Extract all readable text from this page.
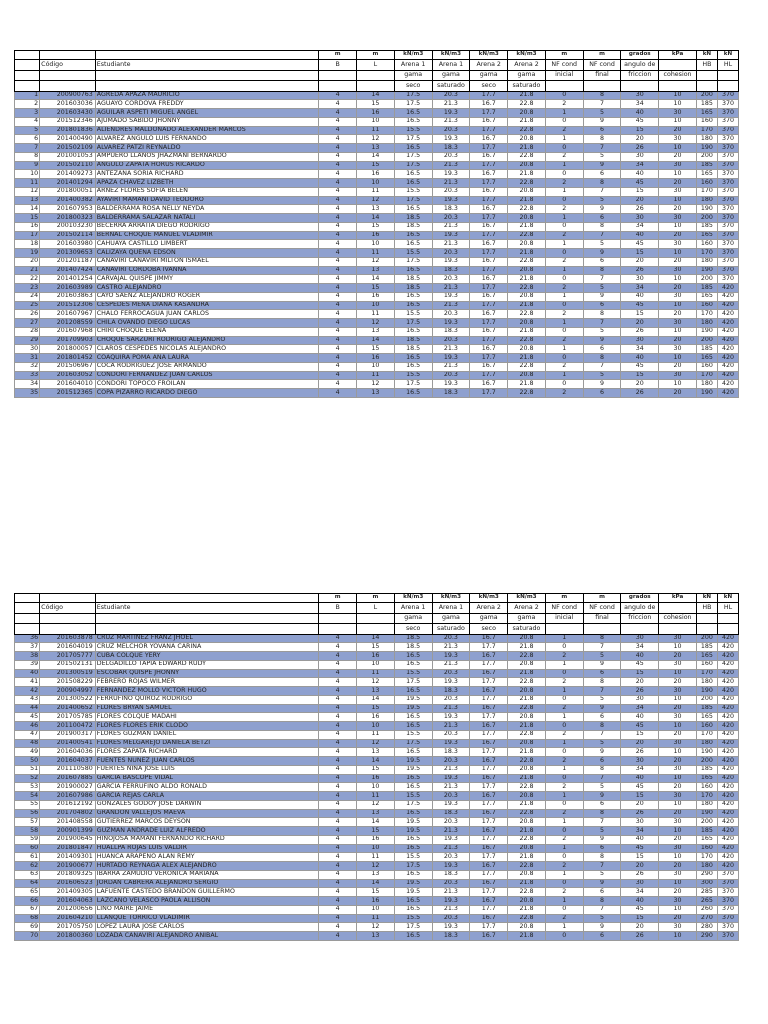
			m	m	kN/m3	kN/m3	kN/m3	kN/m3	m	m	grados	kPa	kN	kN
	Código	Estudiante	B	L	Arena 1	Arena 1	Arena 2	Arena 2	NF cond	NF cond	angulo de		HB	HL
					gama	gama	gama	gama	inicial	final	friccion	cohesion		
					seco	saturado	seco	saturado						
1	200900763	AGREDA APAZA MAURICIO	4	14	17.5	20.3	17.7	21.8	0	8	30	10	200	370
2	201603036	AGUAYO CORDOVA FREDDY	4	15	17.5	21.3	16.7	22.8	2	7	34	10	185	370
3	201603430	AGUILAR ASPETI MIGUEL ANGEL	4	16	16.5	19.3	17.7	20.8	1	5	40	30	165	370
4	201512346	AJUMADO SABIDO JHONNY	4	10	16.5	21.3	16.7	21.8	0	9	45	10	160	370
5	201801836	ALIENDRES MALDONADO ALEXANDER MARCOS	4	11	15.5	20.3	17.7	22.8	2	6	15	20	170	370
6	201400490	ALVAREZ ANGULO LUIS FERNANDO	4	12	17.5	19.3	16.7	20.8	1	8	20	30	180	370
7	201502109	ALVAREZ PATZI REYNALDO	4	13	16.5	18.3	17.7	21.8	0	7	26	10	190	370
8	201001053	AMPUERO LLANOS JHAZMANI BERNARDO	4	14	17.5	20.3	16.7	22.8	2	5	30	20	200	370
9	201502110	ANGULO ZAPATA HORUS RICARDO	4	15	17.5	21.3	17.7	20.8	1	9	34	30	185	370
10	201409273	ANTEZANA SORIA RICHARD	4	16	16.5	19.3	16.7	21.8	0	6	40	10	165	370
11	201401294	APAZA CHAVEZ LIZBETH	4	10	16.5	21.3	17.7	22.8	2	8	45	20	160	370
12	201800051	ARNEZ FLORES SOFIA BELEN	4	11	15.5	20.3	16.7	20.8	1	7	15	30	170	370
13	201400382	AYAVIRI MAMANI DAVID TEODORO	4	12	17.5	19.3	17.7	21.8	0	5	20	10	180	370
14	201607953	BALDERRAMA ROSA NELLY NEYDA	4	13	16.5	18.3	16.7	22.8	2	9	26	20	190	370
15	201800323	BALDERRAMA SALAZAR NATALI	4	14	18.5	20.3	17.7	20.8	1	6	30	30	200	370
16	200103230	BECERRA ARRATIA DIEGO RODRIGO	4	15	18.5	21.3	16.7	21.8	0	8	34	10	185	370
17	201502114	BERNAL CHOQUE MANUEL VLADIMIR	4	16	16.5	19.3	17.7	22.8	2	7	40	20	165	370
18	201603980	CAHUAYA CASTILLO LIMBERT	4	10	16.5	21.3	16.7	20.8	1	5	45	30	160	370
19	201309653	CALIZAYA QUENA EDSON	4	11	15.5	20.3	17.7	21.8	0	9	15	10	170	370
20	201201187	CANAVIRI CANAVIRI MILTON ISMAEL	4	12	17.5	19.3	16.7	22.8	2	6	20	20	180	370
21	201407424	CANAVIRI CORDOBA IVANNA	4	13	16.5	18.3	17.7	20.8	1	8	26	30	190	370
22	201401254	CARVAJAL QUISPE JIMMY	4	14	18.5	20.3	16.7	21.8	0	7	30	10	200	370
23	201603989	CASTRO ALEJANDRO	4	15	18.5	21.3	17.7	22.8	2	5	34	20	185	420
24	201603863	CAYO SAENZ ALEJANDRO ROGER	4	16	16.5	19.3	16.7	20.8	1	9	40	30	165	420
25	201512306	CESPEDES MENA DIANA KASANDRA	4	10	16.5	21.3	17.7	21.8	0	6	45	10	160	420
26	201607967	CHALO FERROCAGUA JUAN CARLOS	4	11	15.5	20.3	16.7	22.8	2	8	15	20	170	420
27	201208559	CHILA OVANDO DIEGO LUCAS	4	12	17.5	19.3	17.7	20.8	1	7	20	30	180	420
28	201607968	CHIRI CHOQUE ELENA	4	13	16.5	18.3	16.7	21.8	0	5	26	10	190	420
29	201709903	CHOQUE SARZURI RODRIGO ALEJANDRO	4	14	18.5	20.3	17.7	22.8	2	9	30	20	200	420
30	201800057	CLAROS CESPEDES NICOLAS ALEJANDRO	4	15	18.5	21.3	16.7	20.8	1	6	34	30	185	420
31	201801452	COAQUIRA POMA ANA LAURA	4	16	16.5	19.3	17.7	21.8	0	8	40	10	165	420
32	201506967	COCA RODRIGUEZ JOSE ARMANDO	4	10	16.5	21.3	16.7	22.8	2	7	45	20	160	420
33	201603052	CONDORI FERNANDEZ JUAN CARLOS	4	11	15.5	20.3	17.7	20.8	1	5	15	30	170	420
34	201604010	CONDORI TOPOCO FROILAN	4	12	17.5	19.3	16.7	21.8	0	9	20	10	180	420
35	201512365	COPA PIZARRO RICARDO DIEGO	4	13	16.5	18.3	17.7	22.8	2	6	26	20	190	420
			m	m	kN/m3	kN/m3	kN/m3	kN/m3	m	m	grados	kPa	kN	kN
	Código	Estudiante	B	L	Arena 1	Arena 1	Arena 2	Arena 2	NF cond	NF cond	angulo de		HB	HL
					gama	gama	gama	gama	inicial	final	friccion	cohesion		
					seco	saturado	seco	saturado						
36	201603878	CRUZ MARTINEZ FRANZ JHOEL	4	14	18.5	20.3	16.7	20.8	1	8	30	30	200	420
37	201604019	CRUZ MELCHOR YOVANA CARINA	4	15	18.5	21.3	17.7	21.8	0	7	34	10	185	420
38	201705777	CUBA COLQUE YERY	4	16	16.5	19.3	16.7	22.8	2	5	40	20	165	420
39	201502131	DELGADILLO TAPIA EDWARD RUDY	4	10	16.5	21.3	17.7	20.8	1	9	45	30	160	420
40	201300519	ESCOBAR QUISPE JHONNY	4	11	15.5	20.3	16.7	21.8	0	6	15	10	170	420
41	201508229	FEBRERO ROJAS WILMER	4	12	17.5	19.3	17.7	22.8	2	8	20	20	180	420
42	200904997	FERNANDEZ MOLLO VICTOR HUGO	4	13	16.5	18.3	16.7	20.8	1	7	26	30	190	420
43	201300522	FERRUFINO QUIROZ RODRIGO	4	14	19.5	20.3	17.7	21.8	0	5	30	10	200	420
44	201400652	FLORES BRYAN SAMUEL	4	15	19.5	21.3	16.7	22.8	2	9	34	20	185	420
45	201705785	FLORES COLQUE MADAHI	4	16	16.5	19.3	17.7	20.8	1	6	40	30	165	420
46	201100472	FLORES FLORES ERIK CLODO	4	10	16.5	21.3	16.7	21.8	0	8	45	10	160	420
47	201900317	FLORES GUZMAN DANIEL	4	11	15.5	20.3	17.7	22.8	2	7	15	20	170	420
48	201400541	FLORES MELGAREJO DANIELA BETZI	4	12	17.5	19.3	16.7	20.8	1	5	20	30	180	420
49	201604036	FLORES ZAPATA RICHARD	4	13	16.5	18.3	17.7	21.8	0	9	26	10	190	420
50	201604037	FUENTES NUÑEZ JUAN CARLOS	4	14	19.5	20.3	16.7	22.8	2	6	30	20	200	420
51	201110580	FUERTES NINA JOSE LUIS	4	15	19.5	21.3	17.7	20.8	1	8	34	30	185	420
52	201607885	GARCIA BASCOPE VIDAL	4	16	16.5	19.3	16.7	21.8	0	7	40	10	165	420
53	201900027	GARCIA FERRUFINO ALDO RONALD	4	10	16.5	21.3	17.7	22.8	2	5	45	20	160	420
54	201607986	GARCIA REJAS CARLA	4	11	15.5	20.3	16.7	20.8	1	9	15	30	170	420
55	201612192	GONZALES GODOY JOSE DARWIN	4	12	17.5	19.3	17.7	21.8	0	6	20	10	180	420
56	201704802	GRANDON VALLEJOS MAEVA	4	13	16.5	18.3	16.7	22.8	2	8	26	20	190	420
57	201408558	GUTIERREZ MARCOS DEYSON	4	14	19.5	20.3	17.7	20.8	1	7	30	30	200	420
58	200901399	GUZMAN ANDRADE LUIZ ALFREDO	4	15	19.5	21.3	16.7	21.8	0	5	34	10	185	420
59	201900645	HINOJOSA MAMANI FERNANDO RICHARD	4	16	16.5	19.3	17.7	22.8	2	9	40	20	165	420
60	201801847	HUALLPA ROJAS LUIS VALDIR	4	10	16.5	21.3	16.7	20.8	1	6	45	30	160	420
61	201409301	HUANCA ARAPEÑO ALAN REMY	4	11	15.5	20.3	17.7	21.8	0	8	15	10	170	420
62	201900677	HURTADO REYNAGA ALEX ALEJANDRO	4	12	17.5	19.3	16.7	22.8	2	7	20	20	180	420
63	201809325	IBARRA ZAMUDIO VERÓNICA MARIANA	4	13	16.5	18.3	17.7	20.8	1	5	26	30	290	370
64	201606523	JORDAN CABRERA ALEJANDRO SERGIO	4	14	19.5	20.3	16.7	21.8	0	9	30	10	300	370
65	201409305	LAFUENTE CASTEDO BRANDON GUILLERMO	4	15	19.5	21.3	17.7	22.8	2	6	34	20	285	370
66	201604063	LAZCANO VELASCO PAOLA ALLISON	4	16	16.5	19.3	16.7	20.8	1	8	40	30	265	370
67	201200656	LINO MAIRE JAIME	4	10	16.5	21.3	17.7	21.8	0	7	45	10	260	370
68	201604210	LLANQUE TORRICO VLADIMIR	4	11	15.5	20.3	16.7	22.8	2	5	15	20	270	370
69	201705750	LOPEZ LAURA JOSE CARLOS	4	12	17.5	19.3	17.7	20.8	1	9	20	30	280	370
70	201800360	LOZADA CANAVIRI ALEJANDRO ANIBAL	4	13	16.5	18.3	16.7	21.8	0	6	26	10	290	370
